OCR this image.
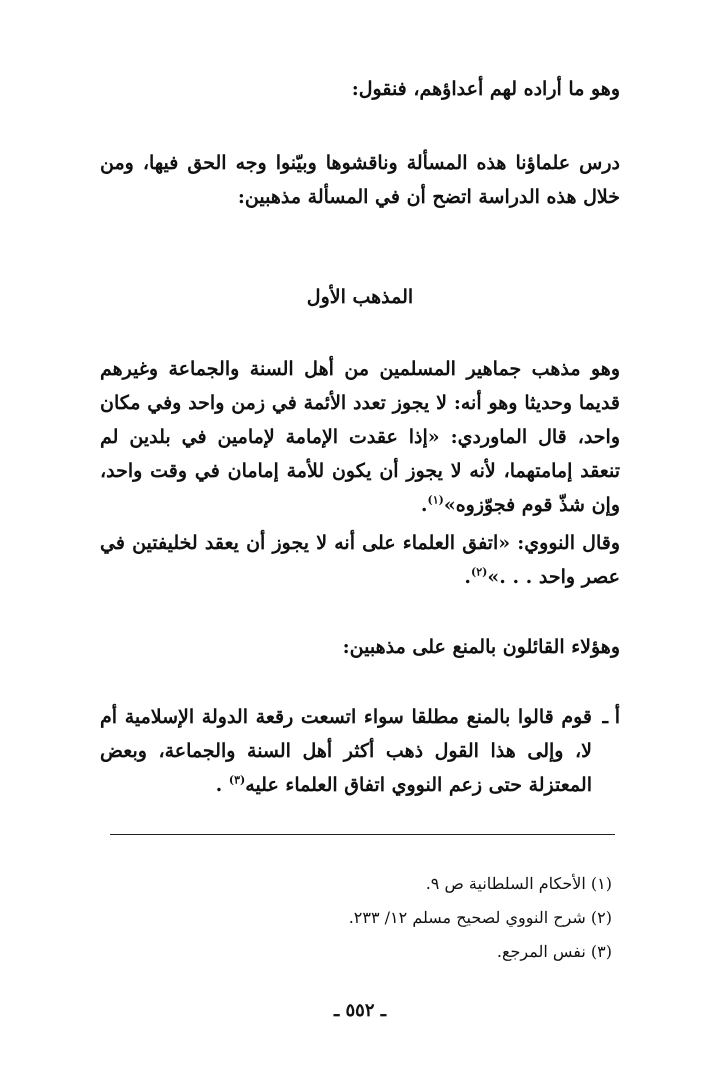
وهو ما أراده لهم أعداؤهم، فنقول:

درس علماؤنا هذه المسألة وناقشوها وبيّنوا وجه الحق فيها، ومن خلال هذه الدراسة اتضح أن في المسألة مذهبين:

المذهب الأول

وهو مذهب جماهير المسلمين من أهل السنة والجماعة وغيرهم قديما وحديثا وهو أنه: لا يجوز تعدد الأئمة في زمن واحد وفي مكان واحد، قال الماوردي: «إذا عقدت الإمامة لإمامين في بلدين لم تنعقد إمامتهما، لأنه لا يجوز أن يكون للأمة إمامان في وقت واحد، وإن شذّ قوم فجوّزوه»$^{(١)}$.

وقال النووي: «اتفق العلماء على أنه لا يجوز أن يعقد لخليفتين في عصر واحد . . .»$^{(٢)}$.

وهؤلاء القائلون بالمنع على مذهبين:

أ ـ
قوم قالوا بالمنع مطلقا سواء اتسعت رقعة الدولة الإسلامية أم لا، وإلى هذا القول ذهب أكثر أهل السنة والجماعة، وبعض المعتزلة حتى زعم النووي اتفاق العلماء عليه$^{(٣)}$ .

(١) الأحكام السلطانية ص ٩.

(٢) شرح النووي لصحيح مسلم ١٢/ ٢٣٣.

(٣) نفس المرجع.

ـ ٥٥٢ ـ
